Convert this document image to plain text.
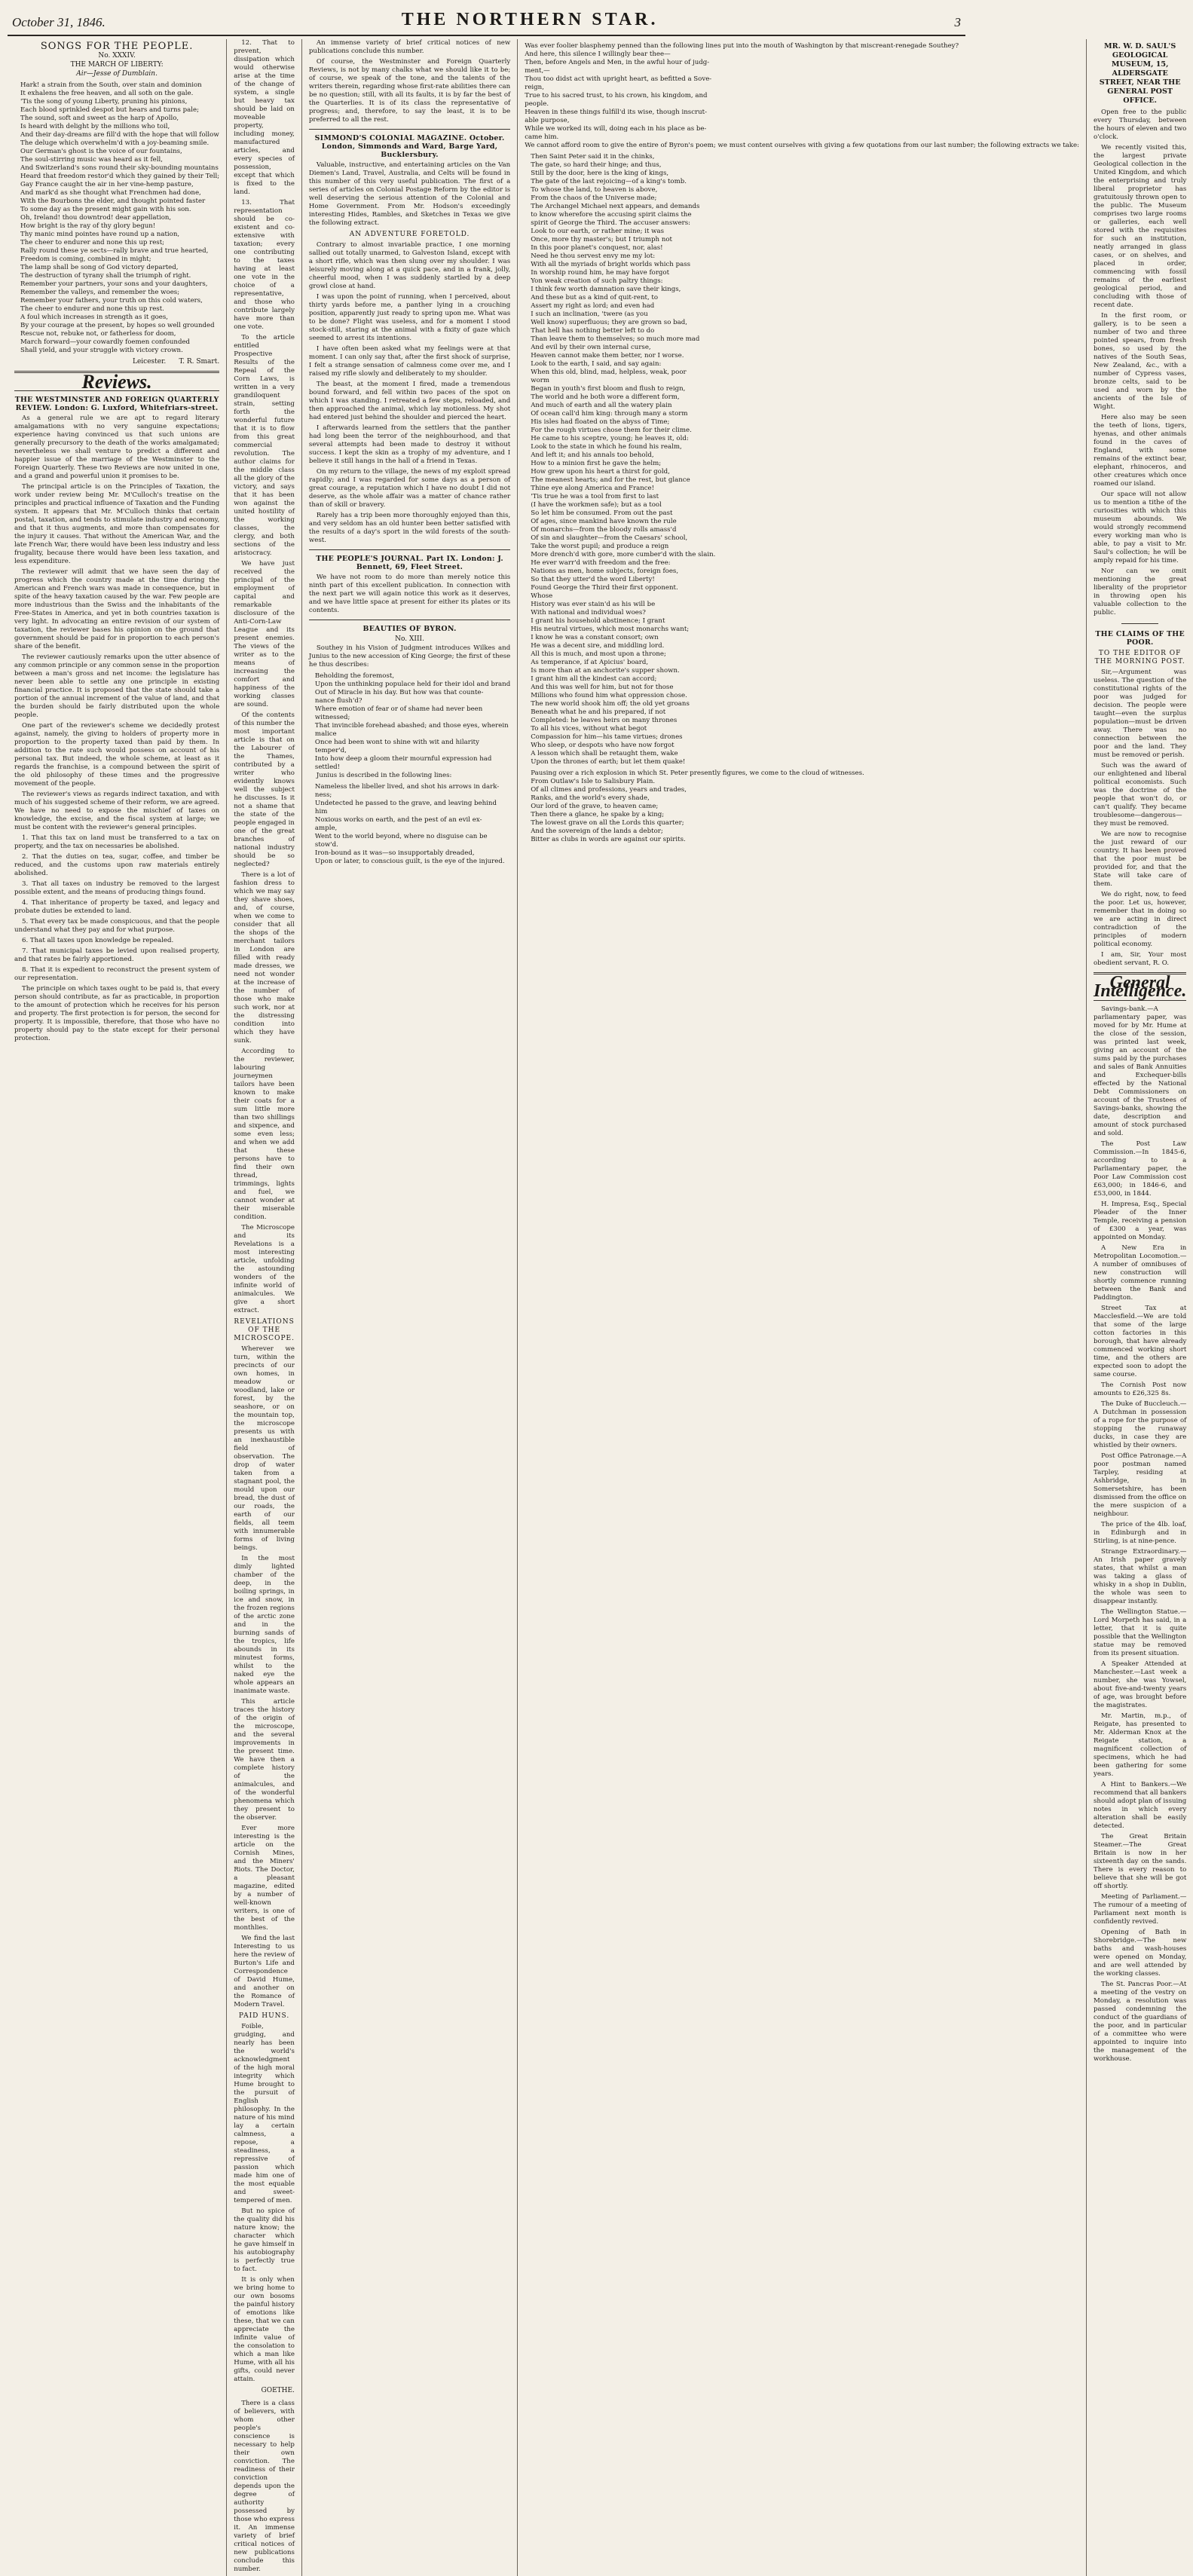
October 31, 1846.	THE NORTHERN STAR.	3
SONGS FOR THE PEOPLE.
No. XXXIV.
THE MARCH OF LIBERTY:
Air—Jesse of Dumblain.
Hark! a strain from the South, over stain and dominion
It exhalens the free heaven, and all soth on the gale.
'Tis the song of young Liberty, pruning his pinions,
Each blood sprinkled despot but hears and turns pale;
The sound, soft and sweet as the harp of Apollo,
Is heard with delight by the millions who toil,
And their day-dreams are fill'd with the hope that will follow
The deluge which overwhelm'd with a joy-beaming smile.
Our German's ghost is the voice of our fountains,
The soul-stirring music was heard as it fell,
And Switzerland's sons round their sky-bounding mountains
Heard that freedom restor'd which they gained by their Tell;
Gay France caught the air in her vine-hemp pasture,
And mark'd as she thought what Frenchmen had done,
With the Bourbons the elder, and thought pointed faster
To some day as the present might gain with his son.
Oh, Ireland! thou downtrod! dear appellation,
How bright is the ray of thy glory begun!
Thy manic mind pointes have round up a nation,
The cheer to endurer and none this up rest;
Rally round these ye sects—rally brave and true hearted,
Freedom is coming, combined in might;
The lamp shall be song of God victory departed,
The destruction of tyrany shall the triumph of right.
Remember your partners, your sons and your daughters,
Remember the valleys, and remember the woes;
Remember your fathers, your truth on this cold waters,
The cheer to endurer and none this up rest.
A foul which increases in strength as it goes,
By your courage at the present, by hopes so well grounded
Rescue not, rebuke not, or fatherless for doom,
March forward—your cowardly foemen confounded
Shall yield, and your struggle with victory crown.
Leicester. T. R. Smart.
Reviews.
THE WESTMINSTER AND FOREIGN QUARTERLY REVIEW. London: G. Luxford, Whitefriars-street.

As a general rule we are apt to regard literary amalgamations with no very sanguine expectations; experience having convinced us that such unions are generally precursory to the death of the works amalgamated; nevertheless we shall venture to predict a different and happier issue of the marriage of the Westminster to the Foreign Quarterly. These two Reviews are now united in one, and a grand and powerful union it promises to be.

The principal article is on the Principles of Taxation, the work under review being Mr. M'Culloch's treatise on the principles and practical influence of Taxation and the Funding system. It appears that Mr. M'Culloch thinks that certain postal, taxation, and tends to stimulate industry and economy, and that it thus augments, and more than compensates for the injury it causes. That without the American War, and the late French War, there would have been less industry and less frugality, because there would have been less taxation, and less expenditure.

The reviewer will admit that we have seen the day of progress which the country made at the time during the American and French wars was made in consequence, but in spite of the heavy taxation caused by the war. Few people are more industrious than the Swiss and the inhabitants of the Free-States in America, and yet in both countries taxation is very light. In advocating an entire revision of our system of taxation, the reviewer bases his opinion on the ground that government should be paid for in proportion to each person's share of the benefit.

The reviewer cautiously remarks upon the utter absence of any common principle or any common sense in the proportion between a man's gross and net income: the legislature has never been able to settle any one principle in existing financial practice. It is proposed that the state should take a portion of the annual increment of the value of land, and that the burden should be fairly distributed upon the whole people.

One part of the reviewer's scheme we decidedly protest against, namely, the giving to holders of property more in proportion to the property taxed than paid by them. In addition to the rate such would possess on account of his personal tax. But indeed, the whole scheme, at least as it regards the franchise, is a compound between the spirit of the old philosophy of these times and the progressive movement of the people.

The reviewer's views as regards indirect taxation, and with much of his suggested scheme of their reform, we are agreed. We have no need to expose the mischief of taxes on knowledge, the excise, and the fiscal system at large; we must be content with the reviewer's general principles.

1. That this tax on land must be transferred to a tax on property, and the tax on necessaries be abolished.

2. That the duties on tea, sugar, coffee, and timber be reduced, and the customs upon raw materials entirely abolished.

3. That all taxes on industry be removed to the largest possible extent, and the means of producing things found.

4. That inheritance of property be taxed, and legacy and probate duties be extended to land.

5. That every tax be made conspicuous, and that the people understand what they pay and for what purpose.

6. That all taxes upon knowledge be repealed.

7. That municipal taxes be levied upon realised property, and that rates be fairly apportioned.

8. That it is expedient to reconstruct the present system of our representation.

The principle on which taxes ought to be paid is, that every person should contribute, as far as practicable, in proportion to the amount of protection which he receives for his person and property. The first protection is for person, the second for property. It is impossible, therefore, that those who have no property should pay to the state except for their personal protection.

12. That to prevent, dissipation which would otherwise arise at the time of the change of system, a single but heavy tax should be laid on moveable property, including money, manufactured articles, and every species of possession, except that which is fixed to the land.

13. That representation should be co-existent and co-extensive with taxation; every one contributing to the taxes having at least one vote in the choice of a representative, and those who contribute largely have more than one vote.

To the article entitled Prospective Results of the Repeal of the Corn Laws, is written in a very grandiloquent strain, setting forth the wonderful future that it is to flow from this great commercial revolution. The author claims for the middle class all the glory of the victory, and says that it has been won against the united hostility of the working classes, the clergy, and both sections of the aristocracy.

We have just received the principal of the employment of capital and remarkable disclosure of the Anti-Corn-Law League and its present enemies. The views of the writer as to the means of increasing the comfort and happiness of the working classes are sound.

Of the contents of this number the most important article is that on the Labourer of the Thames, contributed by a writer who evidently knows well the subject he discusses. Is it not a shame that the state of the people engaged in one of the great branches of national industry should be so neglected?

There is a lot of fashion dress to which we may say they shave shoes, and, of course, when we come to consider that all the shops of the merchant tailors in London are filled with ready made dresses, we need not wonder at the increase of the number of those who make such work, nor at the distressing condition into which they have sunk.

According to the reviewer, labouring journeymen tailors have been known to make their coats for a sum little more than two shillings and sixpence, and some even less; and when we add that these persons have to find their own thread, trimmings, lights and fuel, we cannot wonder at their miserable condition.

The Microscope and its Revelations is a most interesting article, unfolding the astounding wonders of the infinite world of animalcules. We give a short extract.

REVELATIONS OF THE MICROSCOPE.

Wherever we turn, within the precincts of our own homes, in meadow or woodland, lake or forest, by the seashore, or on the mountain top, the microscope presents us with an inexhaustible field of observation. The drop of water taken from a stagnant pool, the mould upon our bread, the dust of our roads, the earth of our fields, all teem with innumerable forms of living beings.

In the most dimly lighted chamber of the deep, in the boiling springs, in ice and snow, in the frozen regions of the arctic zone and in the burning sands of the tropics, life abounds in its minutest forms, whilst to the naked eye the whole appears an inanimate waste.

This article traces the history of the origin of the microscope, and the several improvements in the present time. We have then a complete history of the animalcules, and of the wonderful phenomena which they present to the observer.

Ever more interesting is the article on the Cornish Mines, and the Miners' Riots. The Doctor, a pleasant magazine, edited by a number of well-known writers, is one of the best of the monthlies.

We find the last Interesting to us here the review of Burton's Life and Correspondence of David Hume, and another on the Romance of Modern Travel.

PAID HUNS.

Foible, grudging, and nearly has been the world's acknowledgment of the high moral integrity which Hume brought to the pursuit of English philosophy. In the nature of his mind lay a certain calmness, a repose, a steadiness, a repressive of passion which made him one of the most equable and sweet-tempered of men.

But no spice of the quality did his nature know; the character which he gave himself in his autobiography is perfectly true to fact.

It is only when we bring home to our own bosoms the painful history of emotions like these, that we can appreciate the infinite value of the consolation to which a man like Hume, with all his gifts, could never attain.

GOETHE.

There is a class of believers, with whom other people's conscience is necessary to help their own conviction. The readiness of their conviction depends upon the degree of authority possessed by those who express it. An immense variety of brief critical notices of new publications conclude this number.

An immense variety of brief critical notices of new publications conclude this number.

Of course, the Westminster and Foreign Quarterly Reviews, is not by many chalks what we should like it to be; of course, we speak of the tone, and the talents of the writers therein, regarding whose first-rate abilities there can be no question; still, with all its faults, it is by far the best of the Quarterlies. It is of its class the representative of progress; and, therefore, to say the least, it is to be preferred to all the rest.

SIMMOND'S COLONIAL MAGAZINE. October. London, Simmonds and Ward, Barge Yard, Bucklersbury.

Valuable, instructive, and entertaining articles on the Van Diemen's Land, Travel, Australia, and Celts will be found in this number of this very useful publication. The first of a series of articles on Colonial Postage Reform by the editor is well deserving the serious attention of the Colonial and Home Government. From Mr. Hodson's exceedingly interesting Hides, Rambles, and Sketches in Texas we give the following extract.

AN ADVENTURE FORETOLD.

Contrary to almost invariable practice, I one morning sallied out totally unarmed, to Galveston Island, except with a short rifle, which was then slung over my shoulder. I was leisurely moving along at a quick pace, and in a frank, jolly, cheerful mood, when I was suddenly startled by a deep growl close at hand.

I was upon the point of running, when I perceived, about thirty yards before me, a panther lying in a crouching position, apparently just ready to spring upon me. What was to be done? Flight was useless, and for a moment I stood stock-still, staring at the animal with a fixity of gaze which seemed to arrest its intentions.

I have often been asked what my feelings were at that moment. I can only say that, after the first shock of surprise, I felt a strange sensation of calmness come over me, and I raised my rifle slowly and deliberately to my shoulder.

The beast, at the moment I fired, made a tremendous bound forward, and fell within two paces of the spot on which I was standing. I retreated a few steps, reloaded, and then approached the animal, which lay motionless. My shot had entered just behind the shoulder and pierced the heart.

I afterwards learned from the settlers that the panther had long been the terror of the neighbourhood, and that several attempts had been made to destroy it without success. I kept the skin as a trophy of my adventure, and I believe it still hangs in the hall of a friend in Texas.

On my return to the village, the news of my exploit spread rapidly; and I was regarded for some days as a person of great courage, a reputation which I have no doubt I did not deserve, as the whole affair was a matter of chance rather than of skill or bravery.

Rarely has a trip been more thoroughly enjoyed than this, and very seldom has an old hunter been better satisfied with the results of a day's sport in the wild forests of the south-west.

THE PEOPLE'S JOURNAL. Part IX. London: J. Bennett, 69, Fleet Street.

We have not room to do more than merely notice this ninth part of this excellent publication. In connection with the next part we will again notice this work as it deserves, and we have little space at present for either its plates or its contents.

BEAUTIES OF BYRON.
No. XIII.

Southey in his Vision of Judgment introduces Wilkes and Junius to the new accession of King George; the first of these he thus describes:

Beholding the foremost,
Upon the unthinking populace held for their idol and brand
Out of Miracle in his day. But how was that counte-
nance flush'd?
Where emotion of fear or of shame had never been
witnessed;
That invincible forehead abashed; and those eyes, wherein
malice
Once had been wont to shine with wit and hilarity
temper'd,
Into how deep a gloom their mournful expression had
settled!

Junius is described in the following lines:

Nameless the libeller lived, and shot his arrows in dark-
ness;
Undetected he passed to the grave, and leaving behind
him
Noxious works on earth, and the pest of an evil ex-
ample,
Went to the world beyond, where no disguise can be
stow'd.
Iron-bound as it was—so insupportably dreaded,
Upon or later, to conscious guilt, is the eye of the injured.
Was ever foolier blasphemy penned than the following lines put into the mouth of Washington by that miscreant-renegade Southey?
And here, this silence I willingly bear thee—
Then, before Angels and Men, in the awful hour of judg-
ment,—
Thou too didst act with upright heart, as befitted a Sove-
reign,
True to his sacred trust, to his crown, his kingdom, and
people.
Heaven in these things fulfill'd its wise, though inscrut-
able purpose,
While we worked its will, doing each in his place as be-
came him.
We cannot afford room to give the entire of Byron's poem; we must content ourselves with giving a few quotations from our last number; the following extracts we take:
Then Saint Peter said it in the chinks,
The gate, so hard their hinge; and thus,
Still by the door, here is the king of kings,
The gate of the last rejoicing—of a king's tomb.
To whose the land, to heaven is above,
From the chaos of the Universe made;
The Archangel Michael next appears, and demands
to know wherefore the accusing spirit claims the
spirit of George the Third. The accuser answers:
Look to our earth, or rather mine; it was
Once, more thy master's; but I triumph not
In this poor planet's conquest, nor, alas!
Need he thou servest envy me my lot:
With all the myriads of bright worlds which pass
In worship round him, he may have forgot
Yon weak creation of such paltry things:
I think few worth damnation save their kings,
And these but as a kind of quit-rent, to
Assert my right as lord; and even had
I such an inclination, 'twere (as you
Well know) superfluous; they are grown so bad,
That hell has nothing better left to do
Than leave them to themselves; so much more mad
And evil by their own internal curse,
Heaven cannot make them better, nor I worse.
Look to the earth, I said, and say again:
When this old, blind, mad, helpless, weak, poor
worm
Began in youth's first bloom and flush to reign,
The world and he both wore a different form,
And much of earth and all the watery plain
Of ocean call'd him king: through many a storm
His isles had floated on the abyss of Time;
For the rough virtues chose them for their clime.
He came to his sceptre, young; he leaves it, old:
Look to the state in which he found his realm,
And left it; and his annals too behold,
How to a minion first he gave the helm;
How grew upon his heart a thirst for gold,
The meanest hearts; and for the rest, but glance
Thine eye along America and France!
'Tis true he was a tool from first to last
(I have the workmen safe); but as a tool
So let him be consumed. From out the past
Of ages, since mankind have known the rule
Of monarchs—from the bloody rolls amass'd
Of sin and slaughter—from the Caesars' school,
Take the worst pupil; and produce a reign
More drench'd with gore, more cumber'd with the slain.
He ever warr'd with freedom and the free:
Nations as men, home subjects, foreign foes,
So that they utter'd the word Liberty!
Found George the Third their first opponent.
Whose
History was ever stain'd as his will be
With national and individual woes?
I grant his household abstinence; I grant
His neutral virtues, which most monarchs want;
I know he was a constant consort; own
He was a decent sire, and middling lord.
All this is much, and most upon a throne;
As temperance, if at Apicius' board,
Is more than at an anchorite's supper shown.
I grant him all the kindest can accord;
And this was well for him, but not for those
Millions who found him what oppression chose.
The new world shook him off; the old yet groans
Beneath what he and his prepared, if not
Completed: he leaves heirs on many thrones
To all his vices, without what begot
Compassion for him—his tame virtues; drones
Who sleep, or despots who have now forgot
A lesson which shall be retaught them, wake
Upon the thrones of earth; but let them quake!
Pausing over a rich explosion in which St. Peter presently figures, we come to the cloud of witnesses.
From Outlaw's Isle to Salisbury Plain.
Of all climes and professions, years and trades,
Ranks, and the world's every shade,
Our lord of the grave, to heaven came;
Then there a glance, he spake by a king;
The lowest grave on all the Lords this quarter;
And the sovereign of the lands a debtor;
Bitter as clubs in words are against our spirits.
MR. W. D. SAUL'S GEOLOGICAL MUSEUM, 15, ALDERSGATE STREET, NEAR THE GENERAL POST OFFICE.

Open free to the public every Thursday, between the hours of eleven and two o'clock.

We recently visited this, the largest private Geological collection in the United Kingdom, and which the enterprising and truly liberal proprietor has gratuitously thrown open to the public. The Museum comprises two large rooms or galleries, each well stored with the requisites for such an institution, neatly arranged in glass cases, or on shelves, and placed in order, commencing with fossil remains of the earliest geological period, and concluding with those of recent date.

In the first room, or gallery, is to be seen a number of two and three pointed spears, from fresh bones, so used by the natives of the South Seas, New Zealand, &c., with a number of Cypress vases, bronze celts, said to be used and worn by the ancients of the Isle of Wight.

Here also may be seen the teeth of lions, tigers, hyenas, and other animals found in the caves of England, with some remains of the extinct bear, elephant, rhinoceros, and other creatures which once roamed our island.

Our space will not allow us to mention a tithe of the curiosities with which this museum abounds. We would strongly recommend every working man who is able, to pay a visit to Mr. Saul's collection; he will be amply repaid for his time.

Nor can we omit mentioning the great liberality of the proprietor in throwing open his valuable collection to the public.

THE CLAIMS OF THE POOR.
TO THE EDITOR OF THE MORNING POST.

Sir,—Argument was useless. The question of the constitutional rights of the poor was judged for decision. The people were taught—even the surplus population—must be driven away. There was no connection between the poor and the land. They must be removed or perish.

Such was the award of our enlightened and liberal political economists. Such was the doctrine of the people that won't do, or can't qualify. They became troublesome—dangerous—they must be removed.

We are now to recognise the just reward of our country. It has been proved that the poor must be provided for, and that the State will take care of them.

We do right, now, to feed the poor. Let us, however, remember that in doing so we are acting in direct contradiction of the principles of modern political economy.

I am, Sir, Your most obedient servant, R. O.

General Intelligence.

Savings-bank.—A parliamentary paper, was moved for by Mr. Hume at the close of the session, was printed last week, giving an account of the sums paid by the purchases and sales of Bank Annuities and Exchequer-bills effected by the National Debt Commissioners on account of the Trustees of Savings-banks, showing the date, description and amount of stock purchased and sold.

The Post Law Commission.—In 1845-6, according to a Parliamentary paper, the Poor Law Commission cost £63,000; in 1846-6, and £53,000, in 1844.

H. Impresa, Esq., Special Pleader of the Inner Temple, receiving a pension of £300 a year, was appointed on Monday.

A New Era in Metropolitan Locomotion.—A number of omnibuses of new construction will shortly commence running between the Bank and Paddington.

Street Tax at Macclesfield.—We are told that some of the large cotton factories in this borough, that have already commenced working short time, and the others are expected soon to adopt the same course.

The Cornish Post now amounts to £26,325 8s.

The Duke of Buccleuch.—A Dutchman in possession of a rope for the purpose of stopping the runaway ducks, in case they are whistled by their owners.

Post Office Patronage.—A poor postman named Tarpley, residing at Ashbridge, in Somersetshire, has been dismissed from the office on the mere suspicion of a neighbour.

The price of the 4lb. loaf, in Edinburgh and in Stirling, is at nine-pence.

Strange Extraordinary.—An Irish paper gravely states, that whilst a man was taking a glass of whisky in a shop in Dublin, the whole was seen to disappear instantly.

The Wellington Statue.—Lord Morpeth has said, in a letter, that it is quite possible that the Wellington statue may be removed from its present situation.

A Speaker Attended at Manchester.—Last week a number, she was Yowsel, about five-and-twenty years of age, was brought before the magistrates.

Mr. Martin, m.p., of Reigate, has presented to Mr. Alderman Knox at the Reigate station, a magnificent collection of specimens, which he had been gathering for some years.

A Hint to Bankers.—We recommend that all bankers should adopt plan of issuing notes in which every alteration shall be easily detected.

The Great Britain Steamer.—The Great Britain is now in her sixteenth day on the sands. There is every reason to believe that she will be got off shortly.

Meeting of Parliament.—The rumour of a meeting of Parliament next month is confidently revived.

Opening of Bath in Shorebridge.—The new baths and wash-houses were opened on Monday, and are well attended by the working classes.

The St. Pancras Poor.—At a meeting of the vestry on Monday, a resolution was passed condemning the conduct of the guardians of the poor, and in particular of a committee who were appointed to inquire into the management of the workhouse.
